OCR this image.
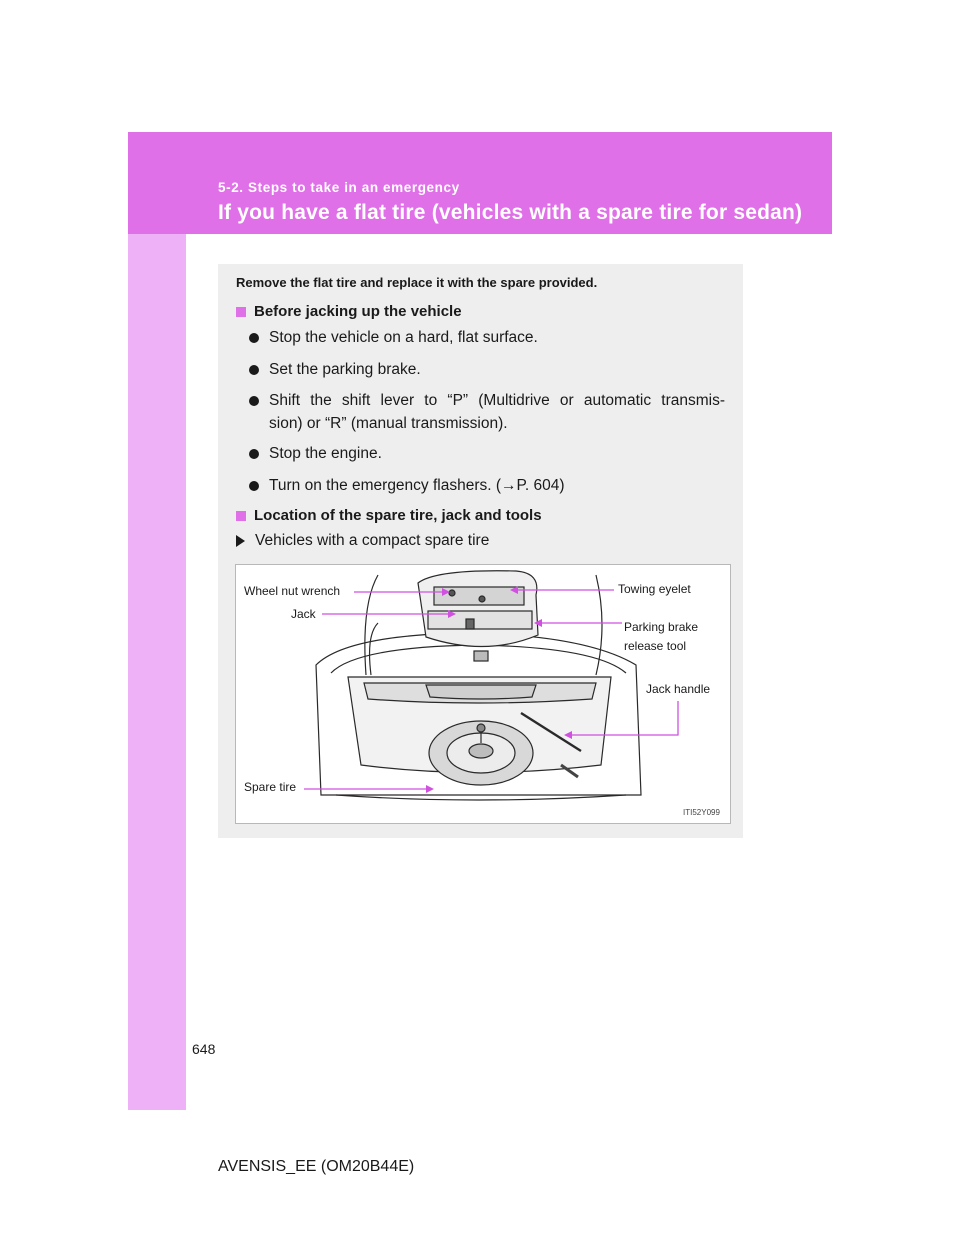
5-2. Steps to take in an emergency
If you have a flat tire (vehicles with a spare tire for sedan)
Remove the flat tire and replace it with the spare provided.
Before jacking up the vehicle
Stop the vehicle on a hard, flat surface.
Set the parking brake.
Shift the shift lever to “P” (Multidrive or automatic transmis-
sion) or “R” (manual transmission).
Stop the engine.
Turn on the emergency flashers. (→P. 604)
Location of the spare tire, jack and tools
Vehicles with a compact spare tire
Wheel nut wrench
Jack
Towing eyelet
Parking brake
release tool
Jack handle
Spare tire
ITI52Y099
648
AVENSIS_EE (OM20B44E)
